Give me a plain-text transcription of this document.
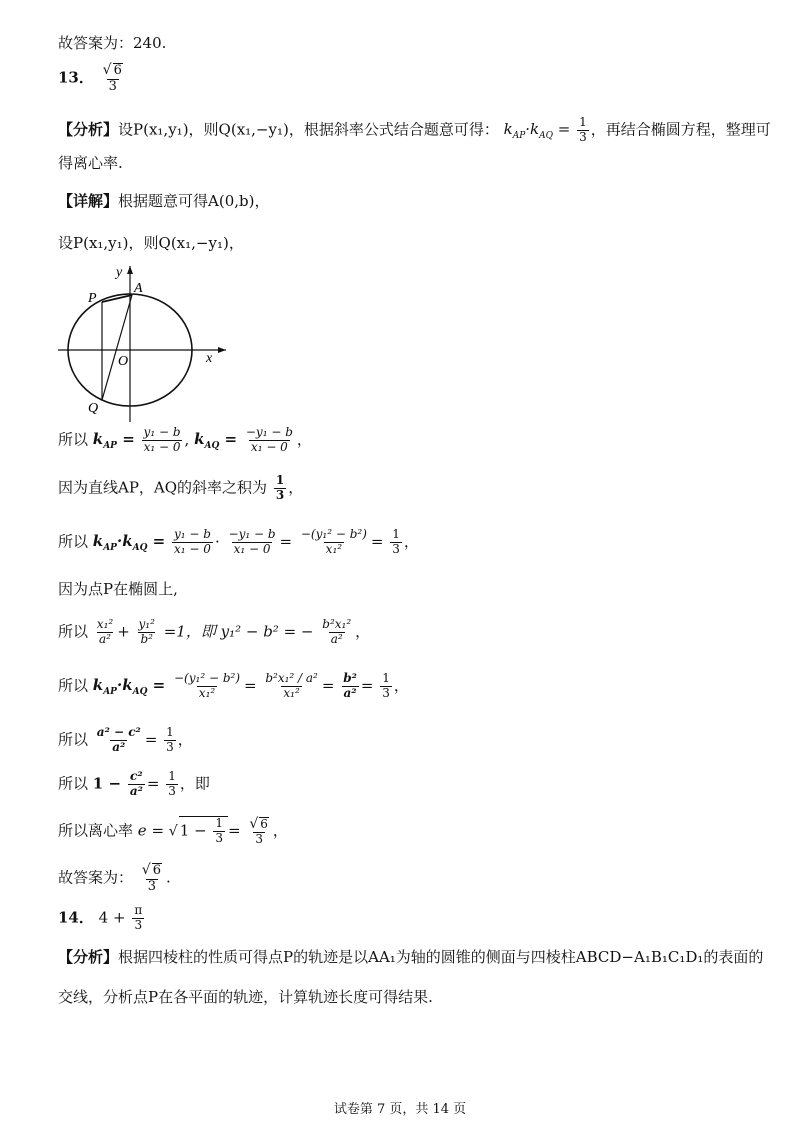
故答案为：240.
13． $\frac{√ 6}{3}$
【分析】设P(x₁,y₁)，则Q(x₁,−y₁)，根据斜率公式结合题意可得： $k_{AP}\cdot k_{AQ} = \frac{1}{3}$ ，再结合椭圆方程，整理可
得离心率.
【详解】根据题意可得A(0,b)，
设P(x₁,y₁)，则Q(x₁,−y₁)，
y
P
A
O	x
Q
所以 $k_{AP} = \frac{\text{y₁ − b}}{\text{x₁ − 0}}$ , $k_{AQ} = \frac{\text{−y₁ − b}}{\text{x₁ − 0}}$ ，
因为直线AP，AQ的斜率之积为 $\frac{1}{3}$ ，
所以 $k_{AP}\cdot k_{AQ} = \frac{\text{y₁ − b}}{\text{x₁ − 0}} \cdot \frac{\text{−y₁ − b}}{\text{x₁ − 0}} = \frac{\text{−(y₁² − b²)}}{\text{x₁²}} = \frac{1}{3}$ ，
因为点P在椭圆上,
所以 $\frac{\text{x₁²}}{\text{a²}} + \frac{\text{y₁²}}{\text{b²}} =1$，即 y₁² − b² = − $\frac{\text{b²x₁²}}{\text{a²}}$ ，
所以 $k_{AP}\cdot k_{AQ} = \frac{\text{−(y₁² − b²)}}{\text{x₁²}} = \frac{\text{b²x₁² / a²}}{\text{x₁²}} = \frac{\text{b²}}{\text{a²}} = \frac{1}{3}$ ，
所以 $\frac{\text{a² − c²}}{\text{a²}} = \frac{1}{3}$ ，
所以 $1 - \frac{\text{c²}}{\text{a²}} = \frac{1}{3}$ ，即
所以离心率 e = √ $1 - \frac{1}{3} = \frac{√ 6}{3}$ ，
故答案为： $\frac{√ 6}{3}$ .
14． $4 + \frac{\pi}{3}$
【分析】根据四棱柱的性质可得点P的轨迹是以AA₁为轴的圆锥的侧面与四棱柱ABCD−A₁B₁C₁D₁的表面的
交线，分析点P在各平面的轨迹，计算轨迹长度可得结果.
试卷第 7 页，共 14 页
